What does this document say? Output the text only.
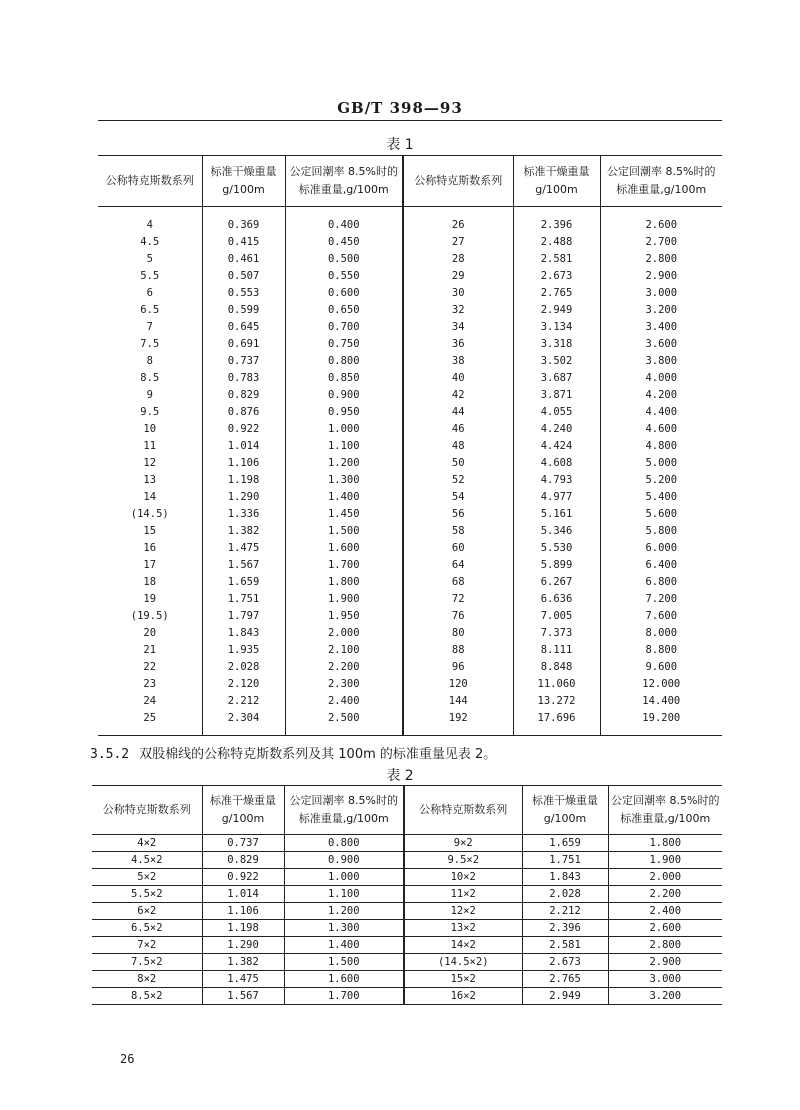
GB/T 398—93
表 1
公称特克斯数系列	标准干燥重量 g/100m	公定回潮率 8.5%时的标准重量,g/100m	公称特克斯数系列	标准干燥重量 g/100m	公定回潮率 8.5%时的标准重量,g/100m
4	0.369	0.400	26	2.396	2.600
4.5	0.415	0.450	27	2.488	2.700
5	0.461	0.500	28	2.581	2.800
5.5	0.507	0.550	29	2.673	2.900
6	0.553	0.600	30	2.765	3.000
6.5	0.599	0.650	32	2.949	3.200
7	0.645	0.700	34	3.134	3.400
7.5	0.691	0.750	36	3.318	3.600
8	0.737	0.800	38	3.502	3.800
8.5	0.783	0.850	40	3.687	4.000
9	0.829	0.900	42	3.871	4.200
9.5	0.876	0.950	44	4.055	4.400
10	0.922	1.000	46	4.240	4.600
11	1.014	1.100	48	4.424	4.800
12	1.106	1.200	50	4.608	5.000
13	1.198	1.300	52	4.793	5.200
14	1.290	1.400	54	4.977	5.400
(14.5)	1.336	1.450	56	5.161	5.600
15	1.382	1.500	58	5.346	5.800
16	1.475	1.600	60	5.530	6.000
17	1.567	1.700	64	5.899	6.400
18	1.659	1.800	68	6.267	6.800
19	1.751	1.900	72	6.636	7.200
(19.5)	1.797	1.950	76	7.005	7.600
20	1.843	2.000	80	7.373	8.000
21	1.935	2.100	88	8.111	8.800
22	2.028	2.200	96	8.848	9.600
23	2.120	2.300	120	11.060	12.000
24	2.212	2.400	144	13.272	14.400
25	2.304	2.500	192	17.696	19.200
3.5.2 双股棉线的公称特克斯数系列及其 100m 的标准重量见表 2。
表 2
公称特克斯数系列	标准干燥重量 g/100m	公定回潮率 8.5%时的标准重量,g/100m	公称特克斯数系列	标准干燥重量 g/100m	公定回潮率 8.5%时的标准重量,g/100m
4×2	0.737	0.800	9×2	1.659	1.800
4.5×2	0.829	0.900	9.5×2	1.751	1.900
5×2	0.922	1.000	10×2	1.843	2.000
5.5×2	1.014	1.100	11×2	2.028	2.200
6×2	1.106	1.200	12×2	2.212	2.400
6.5×2	1.198	1.300	13×2	2.396	2.600
7×2	1.290	1.400	14×2	2.581	2.800
7.5×2	1.382	1.500	(14.5×2)	2.673	2.900
8×2	1.475	1.600	15×2	2.765	3.000
8.5×2	1.567	1.700	16×2	2.949	3.200
26
